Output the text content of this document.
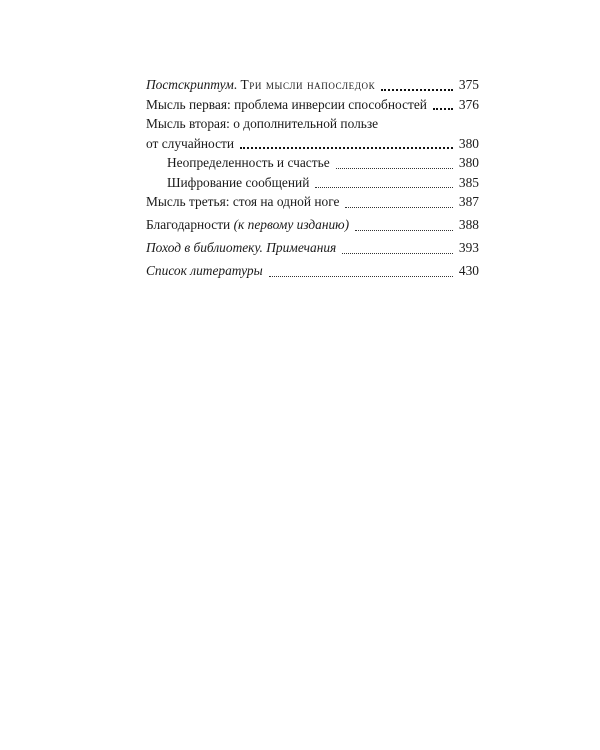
Постскриптум. Три мысли напоследок	375
Мысль первая: проблема инверсии способностей 376
Мысль вторая: о дополнительной пользе
от случайности	380
Неопределенность и счастье	380
Шифрование сообщений	385
Мысль третья: стоя на одной ноге	387
Благодарности (к первому изданию)	388
Поход в библиотеку. Примечания	393
Список литературы	430
